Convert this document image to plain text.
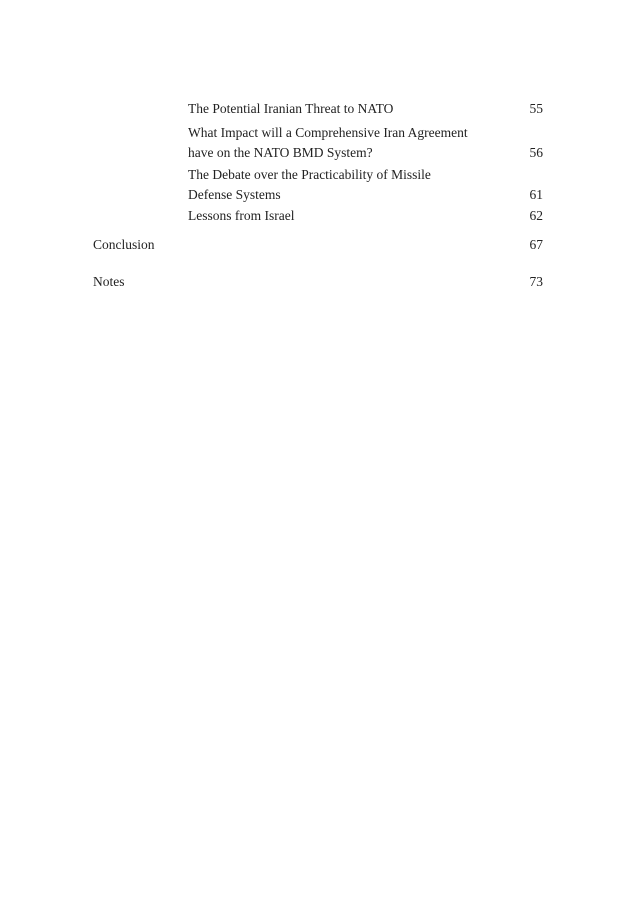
The Potential Iranian Threat to NATO	55
What Impact will a Comprehensive Iran Agreement
have on the NATO BMD System?	56
The Debate over the Practicability of Missile
Defense Systems	61
Lessons from Israel	62
Conclusion	67
Notes	73
